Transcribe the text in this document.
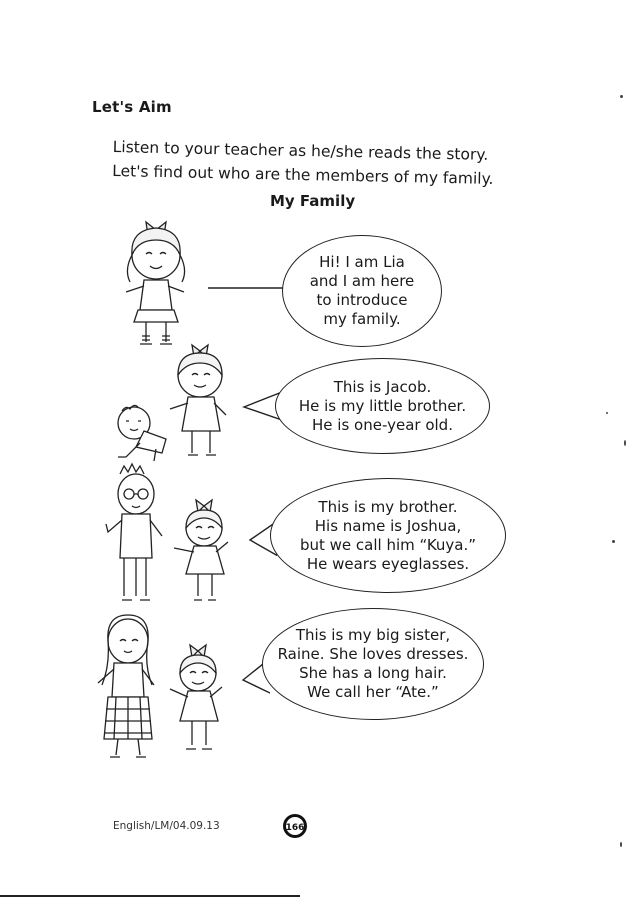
Let's Aim
Listen to your teacher as he/she reads the story.
Let's find out who are the members of my family.
My Family
Hi! I am Lia
and I am here
to introduce
my family.
This is Jacob.
He is my little brother.
He is one-year old.
This is my brother.
His name is Joshua,
but we call him “Kuya.”
He wears eyeglasses.
This is my big sister,
Raine. She loves dresses.
She has a long hair.
We call her “Ate.”
English/LM/04.09.13	166
